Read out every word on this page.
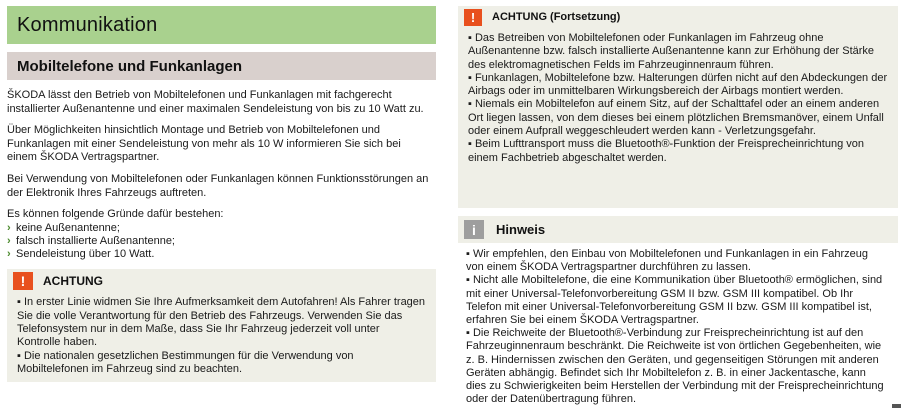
Kommunikation
Mobiltelefone und Funkanlagen

ŠKODA lässt den Betrieb von Mobiltelefonen und Funkanlagen mit fachgerecht installierter Außenantenne und einer maximalen Sendeleistung von bis zu 10 Watt zu.

Über Möglichkeiten hinsichtlich Montage und Betrieb von Mobiltelefonen und Funkanlagen mit einer Sendeleistung von mehr als 10 W informieren Sie sich bei einem ŠKODA Vertragspartner.

Bei Verwendung von Mobiltelefonen oder Funkanlagen können Funktionsstörungen an der Elektronik Ihres Fahrzeugs auftreten.

Es können folgende Gründe dafür bestehen:

› keine Außenantenne;
› falsch installierte Außenantenne;
› Sendeleistung über 10 Watt.
!	ACHTUNG
▪ In erster Linie widmen Sie Ihre Aufmerksamkeit dem Autofahren! Als Fahrer tragen Sie die volle Verantwortung für den Betrieb des Fahrzeugs. Verwenden Sie das Telefonsystem nur in dem Maße, dass Sie Ihr Fahrzeug jederzeit voll unter Kontrolle haben.
▪ Die nationalen gesetzlichen Bestimmungen für die Verwendung von Mobiltelefonen im Fahrzeug sind zu beachten.
!	ACHTUNG (Fortsetzung)
▪ Das Betreiben von Mobiltelefonen oder Funkanlagen im Fahrzeug ohne Außenantenne bzw. falsch installierte Außenantenne kann zur Erhöhung der Stärke des elektromagnetischen Felds im Fahrzeuginnenraum führen.
▪ Funkanlagen, Mobiltelefone bzw. Halterungen dürfen nicht auf den Abdeckungen der Airbags oder im unmittelbaren Wirkungsbereich der Airbags montiert werden.
▪ Niemals ein Mobiltelefon auf einem Sitz, auf der Schalttafel oder an einem anderen Ort liegen lassen, von dem dieses bei einem plötzlichen Bremsmanöver, einem Unfall oder einem Aufprall weggeschleudert werden kann - Verletzungsgefahr.
▪ Beim Lufttransport muss die Bluetooth®-Funktion der Freisprecheinrichtung von einem Fachbetrieb abgeschaltet werden.
i	Hinweis
▪ Wir empfehlen, den Einbau von Mobiltelefonen und Funkanlagen in ein Fahrzeug von einem ŠKODA Vertragspartner durchführen zu lassen.
▪ Nicht alle Mobiltelefone, die eine Kommunikation über Bluetooth® ermöglichen, sind mit einer Universal-Telefonvorbereitung GSM II bzw. GSM III kompatibel. Ob Ihr Telefon mit einer Universal-Telefonvorbereitung GSM II bzw. GSM III kompatibel ist, erfahren Sie bei einem ŠKODA Vertragspartner.
▪ Die Reichweite der Bluetooth®-Verbindung zur Freisprecheinrichtung ist auf den Fahrzeuginnenraum beschränkt. Die Reichweite ist von örtlichen Gegebenheiten, wie z. B. Hindernissen zwischen den Geräten, und gegenseitigen Störungen mit anderen Geräten abhängig. Befindet sich Ihr Mobiltelefon z. B. in einer Jackentasche, kann dies zu Schwierigkeiten beim Herstellen der Verbindung mit der Freisprecheinrichtung oder der Datenübertragung führen.
